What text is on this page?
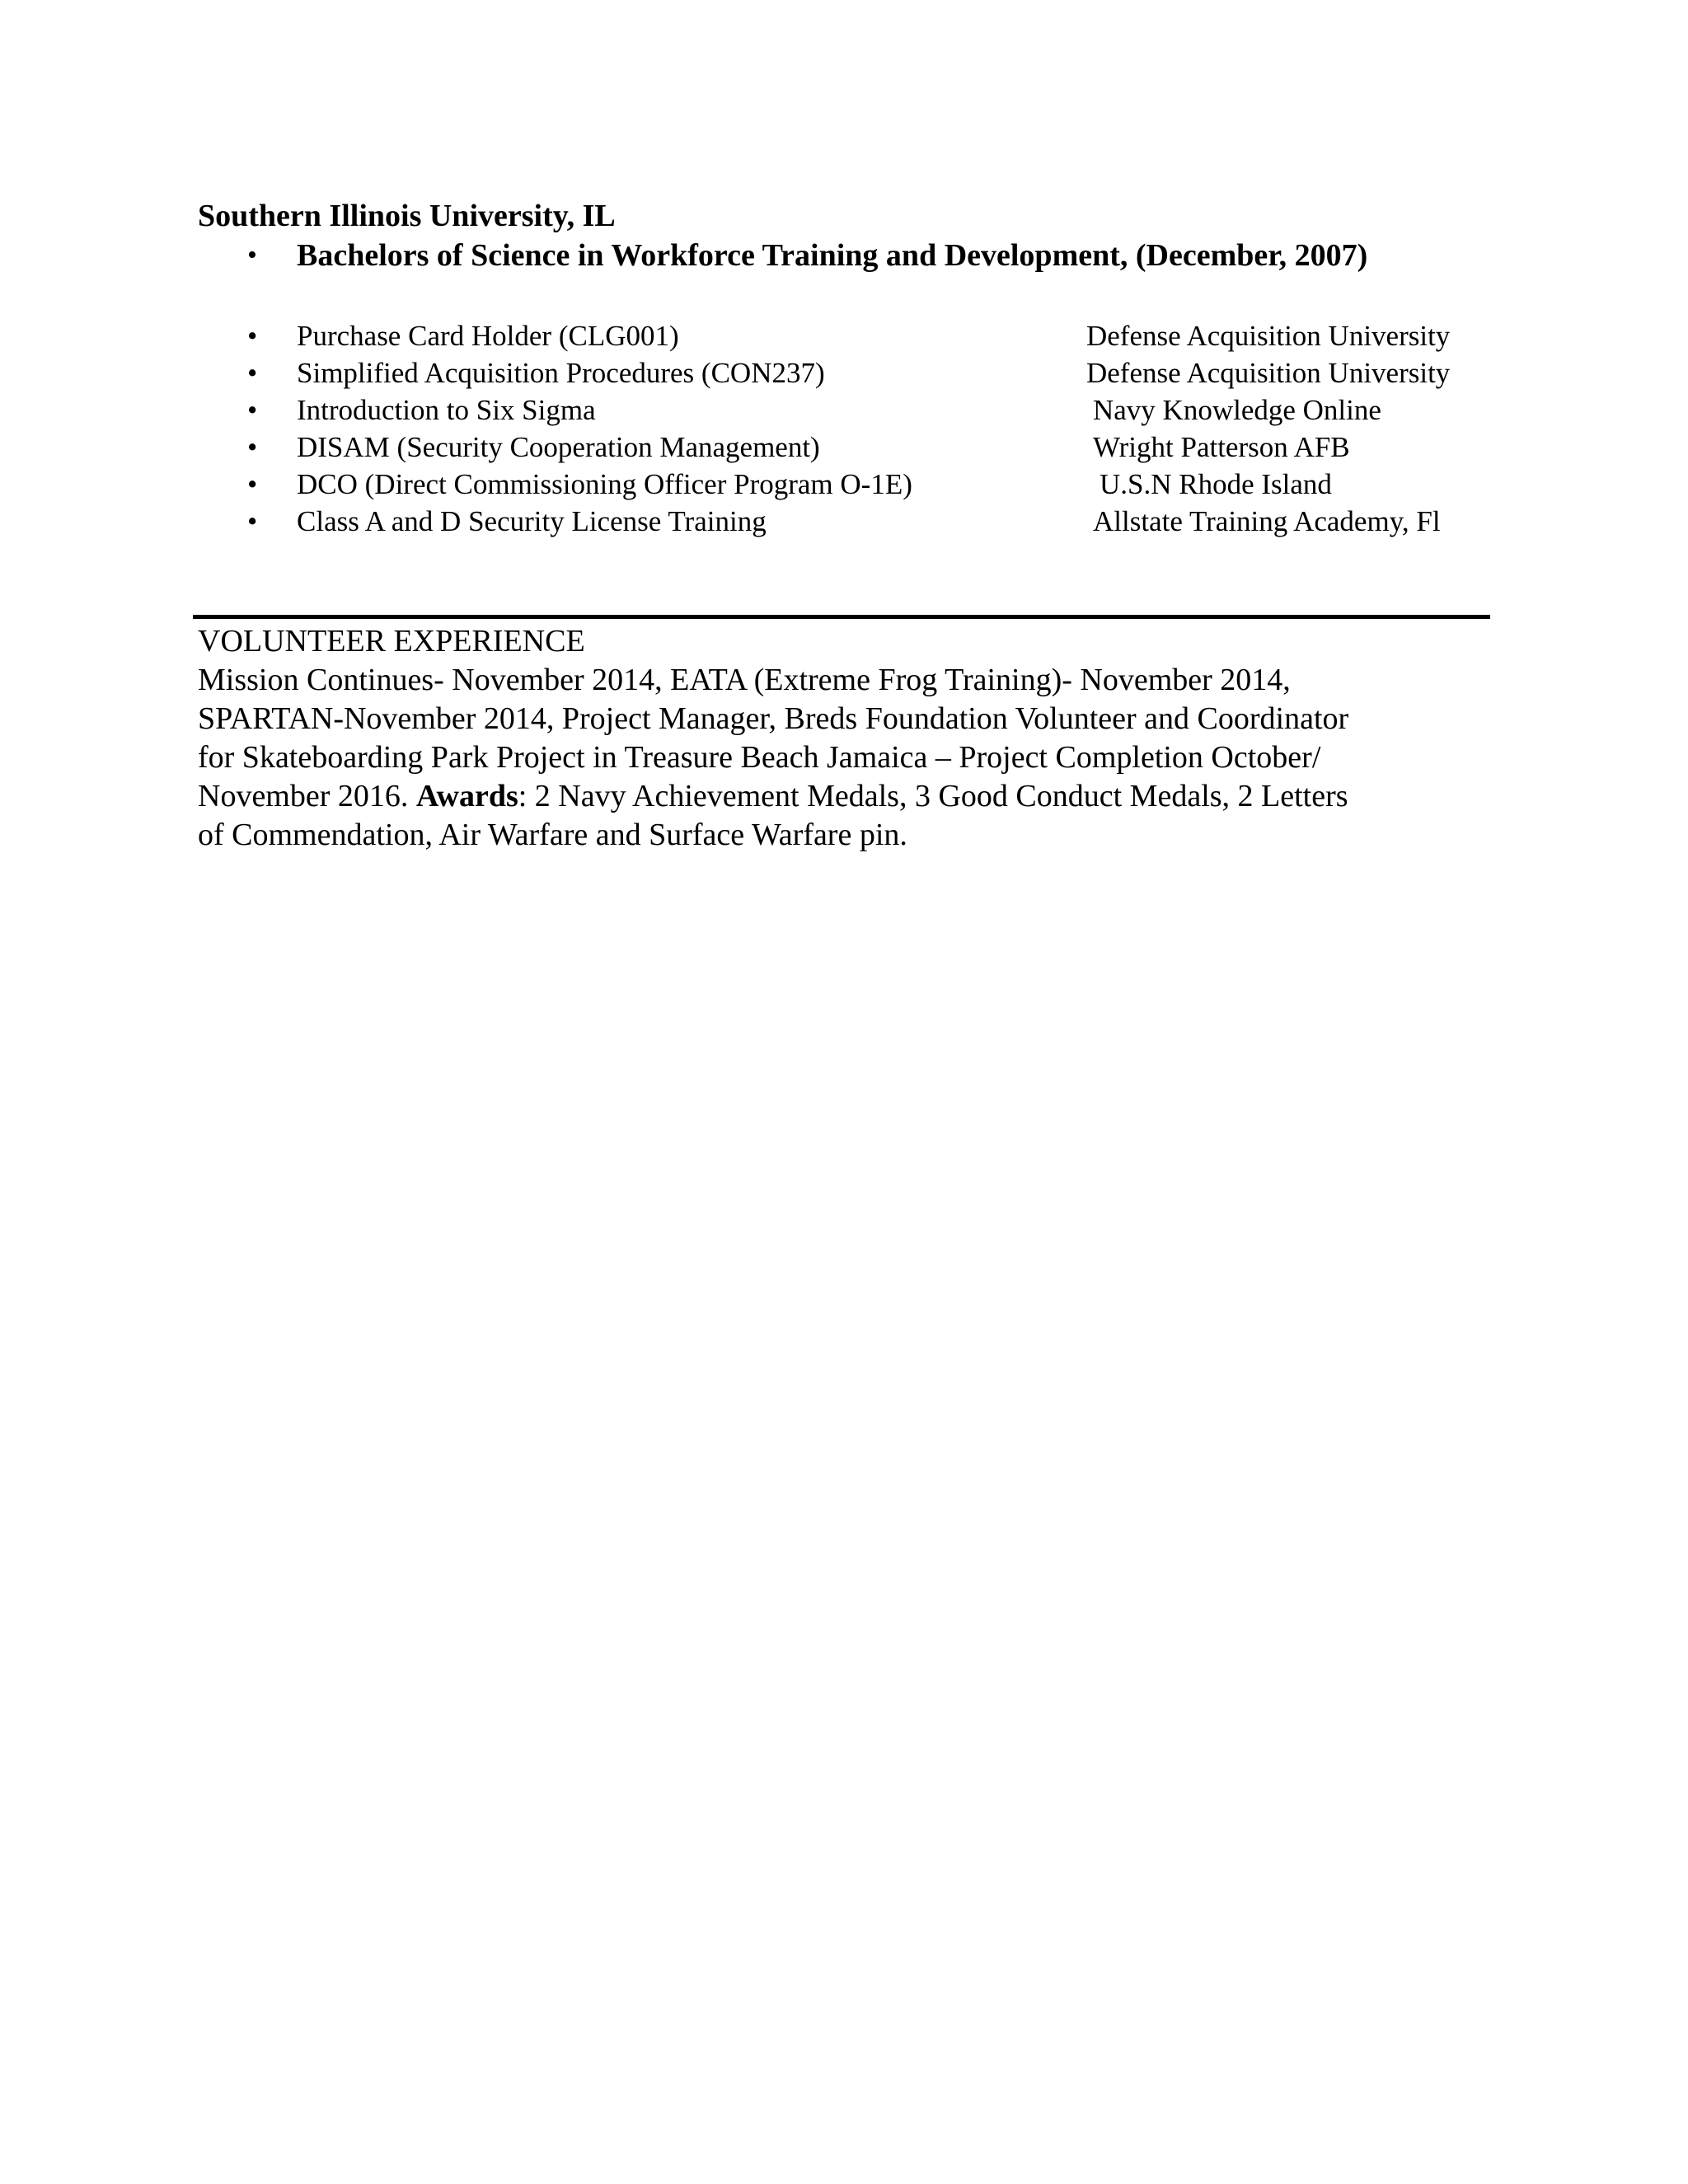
Southern Illinois University, IL
• Bachelors of Science in Workforce Training and Development, (December, 2007)
• Purchase Card Holder (CLG001)	Defense Acquisition University
• Simplified Acquisition Procedures (CON237)	Defense Acquisition University
• Introduction to Six Sigma	Navy Knowledge Online
• DISAM (Security Cooperation Management)	Wright Patterson AFB
• DCO (Direct Commissioning Officer Program O-1E)	U.S.N Rhode Island
• Class A and D Security License Training	Allstate Training Academy, Fl
VOLUNTEER EXPERIENCE
Mission Continues- November 2014, EATA (Extreme Frog Training)- November 2014,
SPARTAN-November 2014, Project Manager, Breds Foundation Volunteer and Coordinator
for Skateboarding Park Project in Treasure Beach Jamaica – Project Completion October/
November 2016. Awards: 2 Navy Achievement Medals, 3 Good Conduct Medals, 2 Letters
of Commendation, Air Warfare and Surface Warfare pin.
